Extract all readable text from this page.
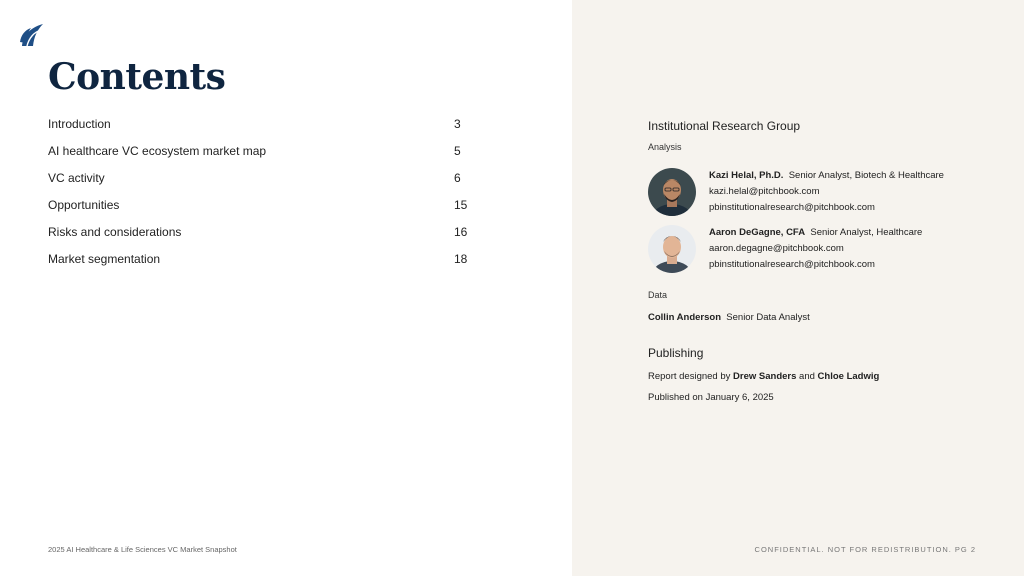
Contents
Introduction	3
AI healthcare VC ecosystem market map	5
VC activity	6
Opportunities	15
Risks and considerations	16
Market segmentation	18
2025 AI Healthcare & Life Sciences VC Market Snapshot
Institutional Research Group
Analysis
Kazi Helal, Ph.D. Senior Analyst, Biotech & Healthcare
kazi.helal@pitchbook.com
pbinstitutionalresearch@pitchbook.com
Aaron DeGagne, CFA Senior Analyst, Healthcare
aaron.degagne@pitchbook.com
pbinstitutionalresearch@pitchbook.com
Data
Collin Anderson Senior Data Analyst
Publishing
Report designed by Drew Sanders and Chloe Ladwig
Published on January 6, 2025
CONFIDENTIAL. NOT FOR REDISTRIBUTION. PG 2
